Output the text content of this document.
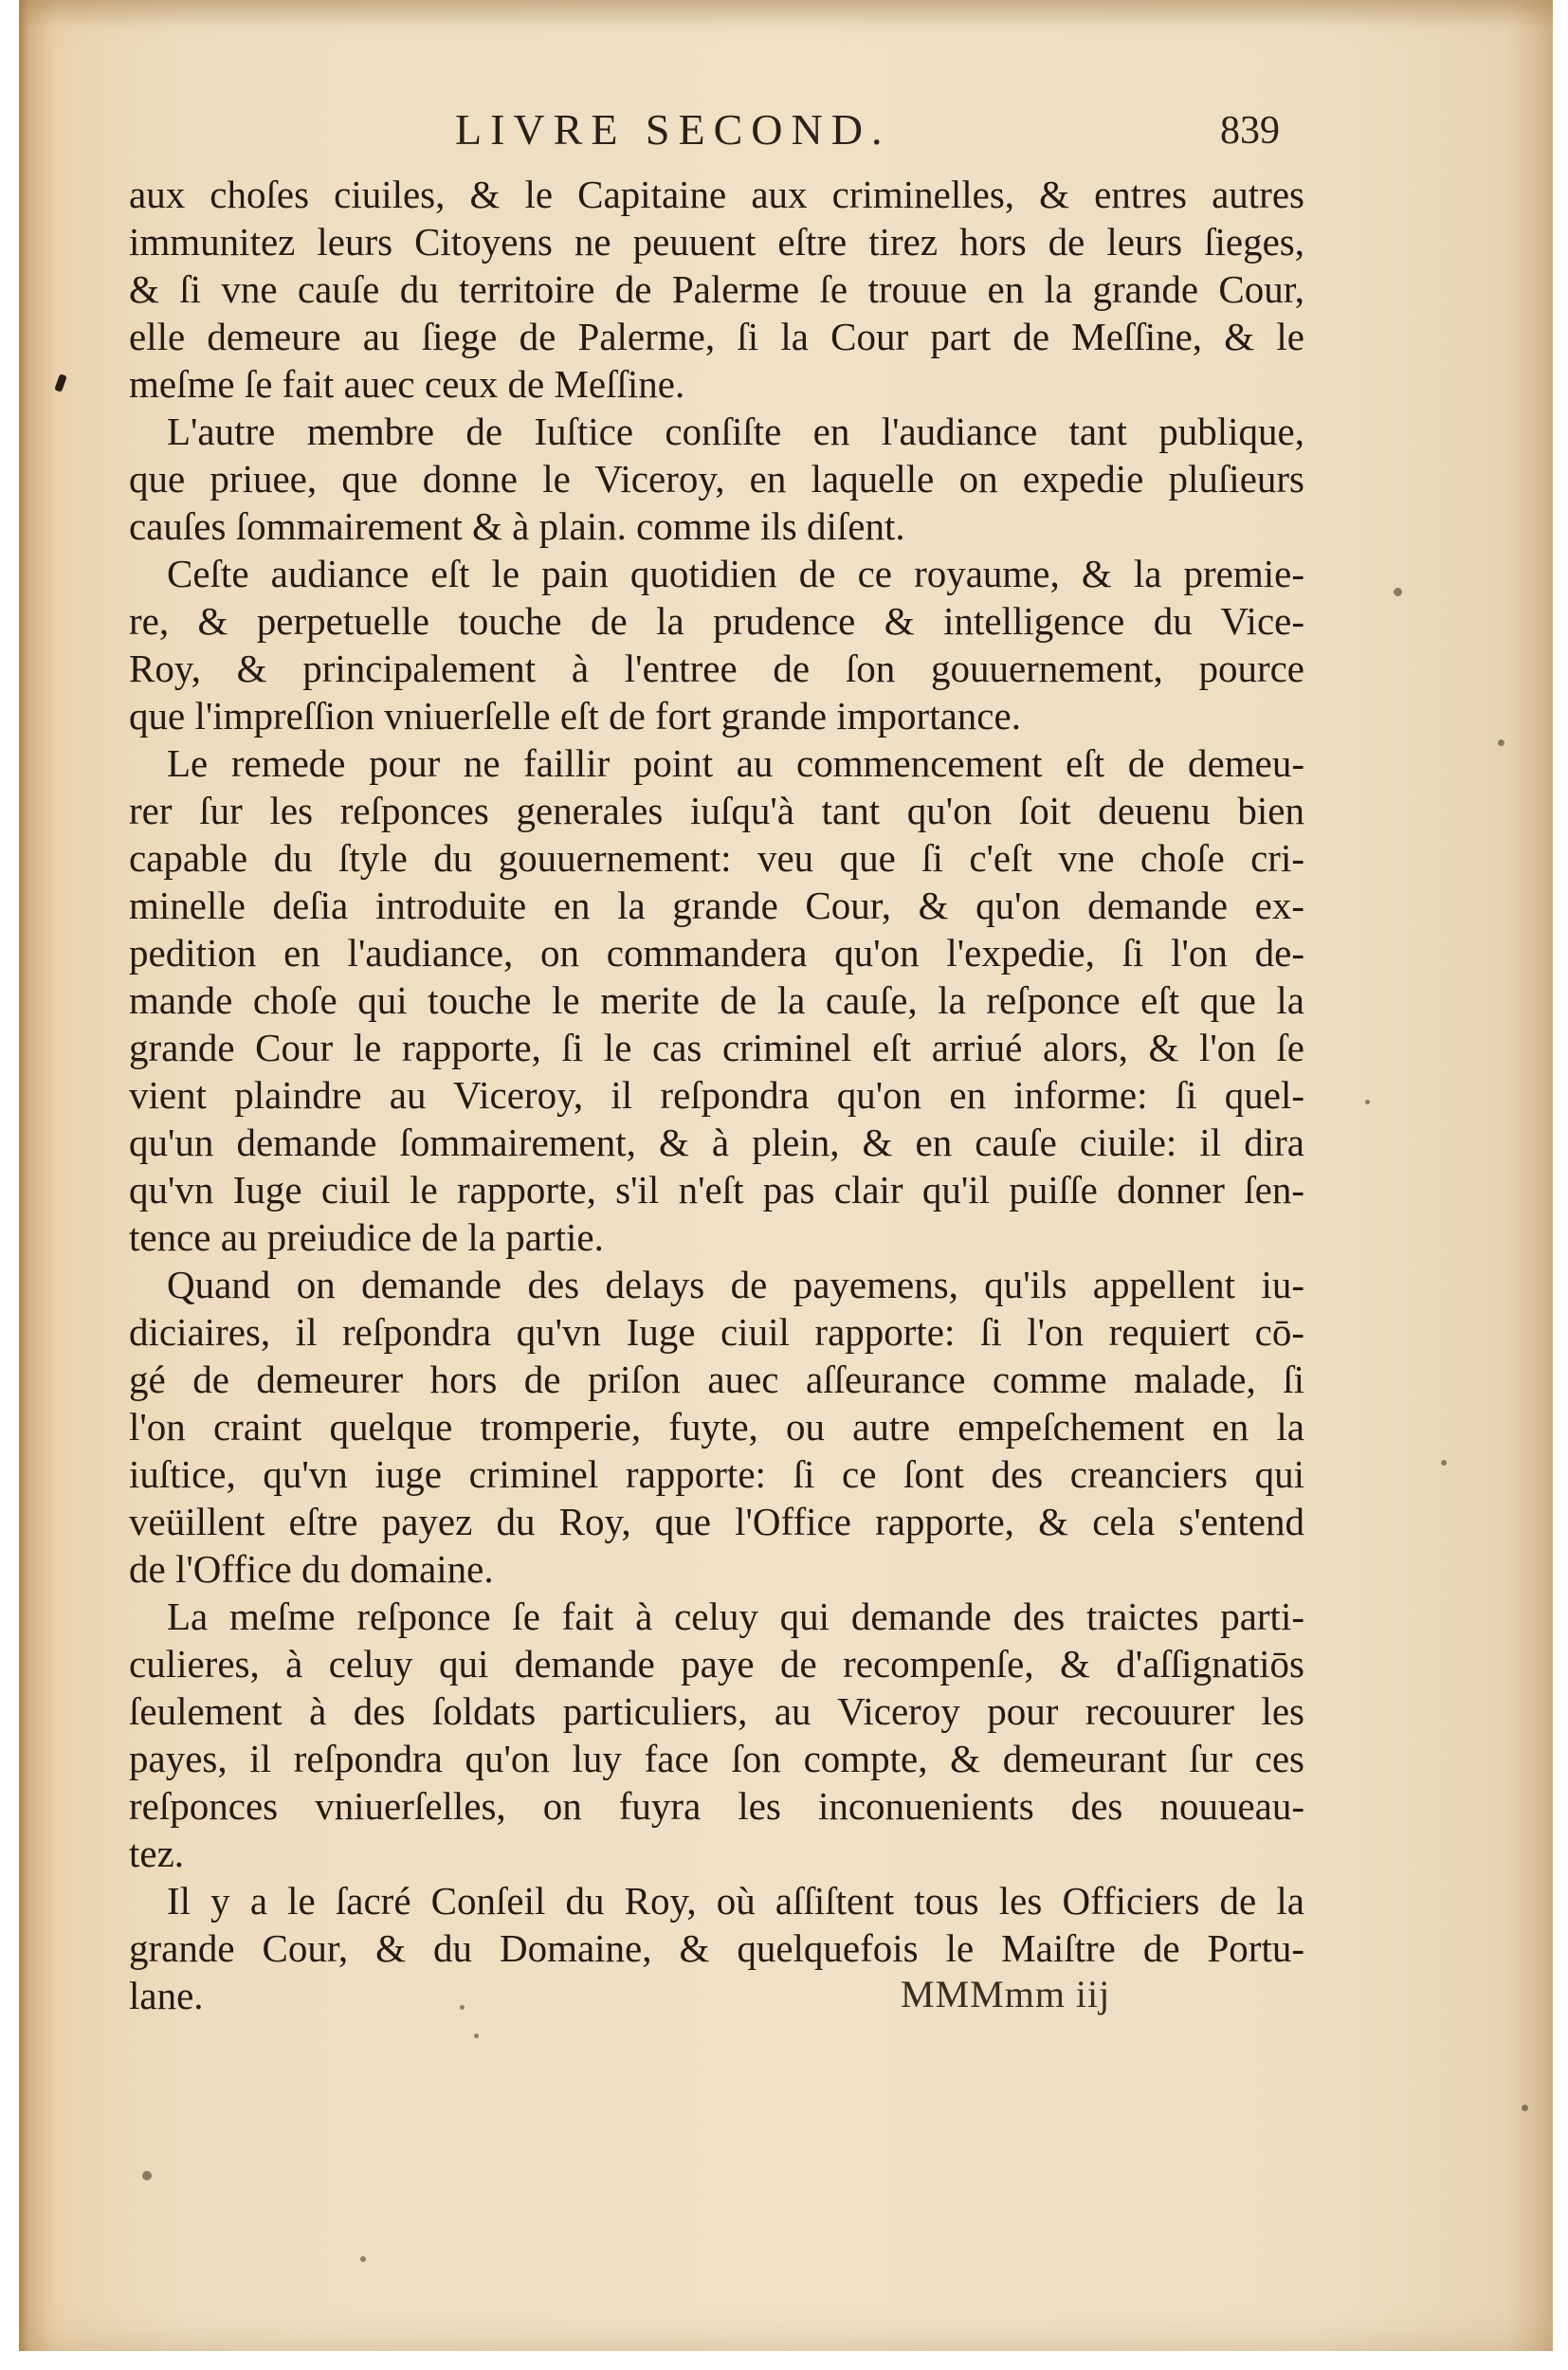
LIVRE SECOND.	839
aux choſes ciuiles, & le Capitaine aux criminelles, & entres autres
immunitez leurs Citoyens ne peuuent eſtre tirez hors de leurs ſieges,
& ſi vne cauſe du territoire de Palerme ſe trouue en la grande Cour,
elle demeure au ſiege de Palerme, ſi la Cour part de Meſſine, & le
meſme ſe fait auec ceux de Meſſine.
L'autre membre de Iuſtice conſiſte en l'audiance tant publique,
que priuee, que donne le Viceroy, en laquelle on expedie pluſieurs
cauſes ſommairement & à plain. comme ils diſent.
Ceſte audiance eſt le pain quotidien de ce royaume, & la premie-
re, & perpetuelle touche de la prudence & intelligence du Vice-
Roy, & principalement à l'entree de ſon gouuernement, pource
que l'impreſſion vniuerſelle eſt de fort grande importance.
Le remede pour ne faillir point au commencement eſt de demeu-
rer ſur les reſponces generales iuſqu'à tant qu'on ſoit deuenu bien
capable du ſtyle du gouuernement: veu que ſi c'eſt vne choſe cri-
minelle deſia introduite en la grande Cour, & qu'on demande ex-
pedition en l'audiance, on commandera qu'on l'expedie, ſi l'on de-
mande choſe qui touche le merite de la cauſe, la reſponce eſt que la
grande Cour le rapporte, ſi le cas criminel eſt arriué alors, & l'on ſe
vient plaindre au Viceroy, il reſpondra qu'on en informe: ſi quel-
qu'un demande ſommairement, & à plein, & en cauſe ciuile: il dira
qu'vn Iuge ciuil le rapporte, s'il n'eſt pas clair qu'il puiſſe donner ſen-
tence au preiudice de la partie.
Quand on demande des delays de payemens, qu'ils appellent iu-
diciaires, il reſpondra qu'vn Iuge ciuil rapporte: ſi l'on requiert cō-
gé de demeurer hors de priſon auec aſſeurance comme malade, ſi
l'on craint quelque tromperie, fuyte, ou autre empeſchement en la
iuſtice, qu'vn iuge criminel rapporte: ſi ce ſont des creanciers qui
veüillent eſtre payez du Roy, que l'Office rapporte, & cela s'entend
de l'Office du domaine.
La meſme reſponce ſe fait à celuy qui demande des traictes parti-
culieres, à celuy qui demande paye de recompenſe, & d'aſſignatiōs
ſeulement à des ſoldats particuliers, au Viceroy pour recouurer les
payes, il reſpondra qu'on luy face ſon compte, & demeurant ſur ces
reſponces vniuerſelles, on fuyra les inconuenients des nouueau-
tez.
Il y a le ſacré Conſeil du Roy, où aſſiſtent tous les Officiers de la
grande Cour, & du Domaine, & quelquefois le Maiſtre de Portu-
lane.	MMMmm iij
